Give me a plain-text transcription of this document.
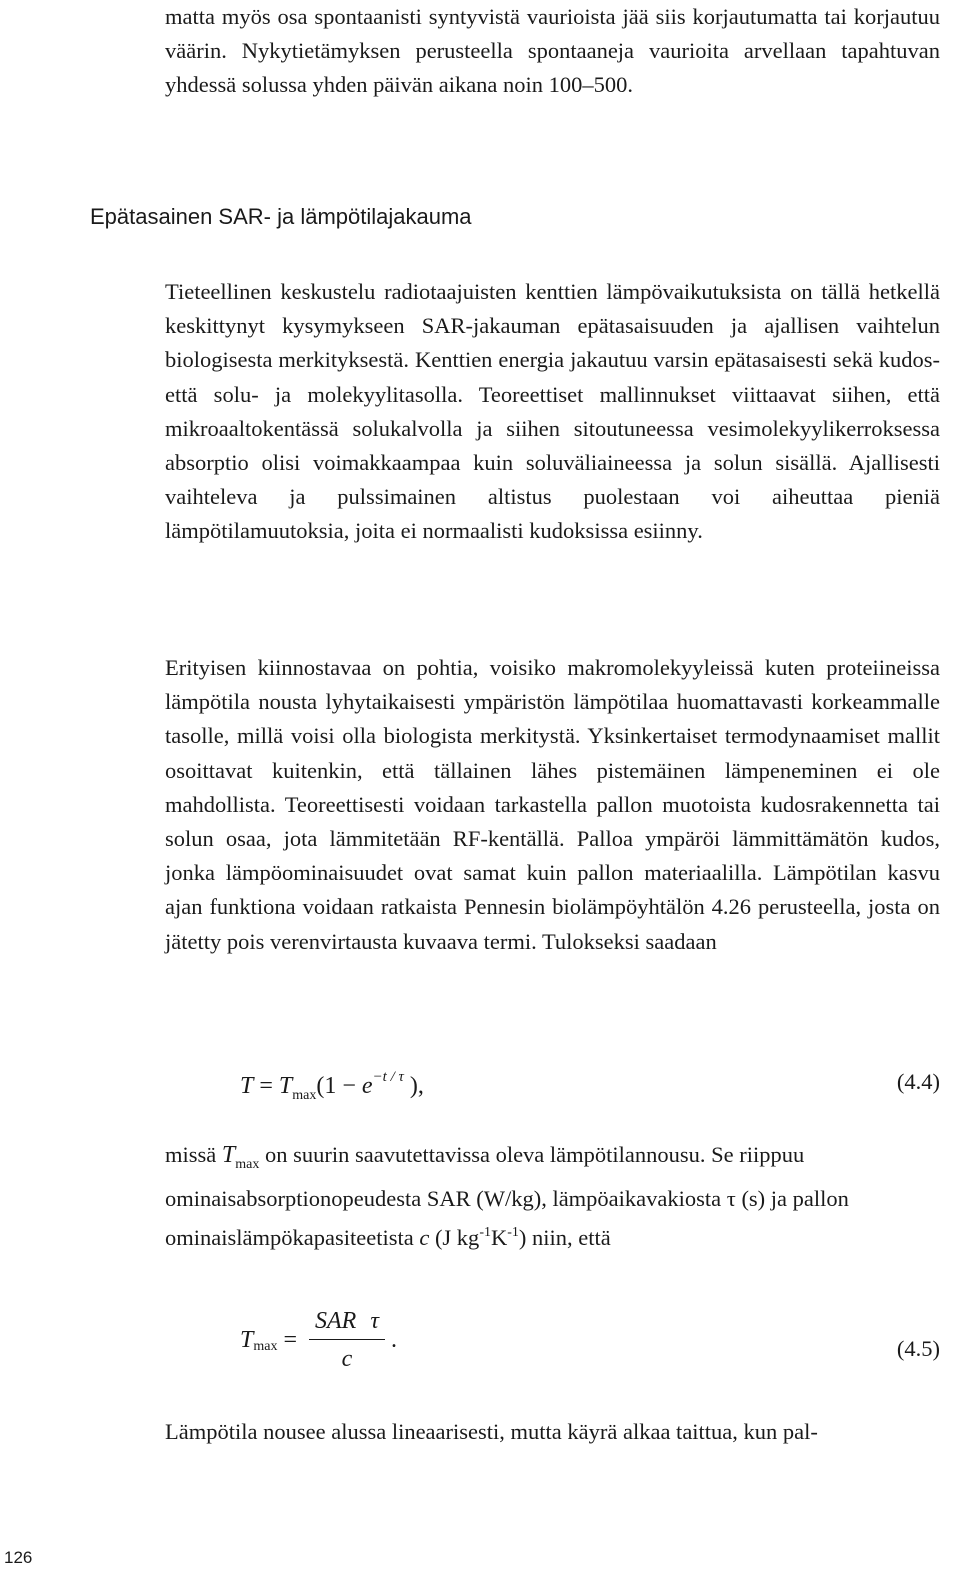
matta myös osa spontaanisti syntyvistä vaurioista jää siis korjautumatta tai korjautuu väärin. Nykytietämyksen perusteella spontaaneja vaurioita arvellaan tapahtuvan yhdessä solussa yhden päivän aikana noin 100–500.

Epätasainen SAR- ja lämpötilajakauma

Tieteellinen keskustelu radiotaajuisten kenttien lämpövaikutuksista on tällä hetkellä keskittynyt kysymykseen SAR-jakauman epätasaisuuden ja ajallisen vaihtelun biologisesta merkityksestä. Kenttien energia jakautuu varsin epätasaisesti sekä kudos- että solu- ja molekyylitasolla. Teoreettiset mallinnukset viittaavat siihen, että mikroaaltokentässä solukalvolla ja siihen sitoutuneessa vesimolekyylikerroksessa absorptio olisi voimakkaampaa kuin soluväliaineessa ja solun sisällä. Ajallisesti vaihteleva ja pulssimainen altistus puolestaan voi aiheuttaa pieniä lämpötilamuutoksia, joita ei normaalisti kudoksissa esiinny.

Erityisen kiinnostavaa on pohtia, voisiko makromolekyyleissä kuten proteiineissa lämpötila nousta lyhytaikaisesti ympäristön lämpötilaa huomattavasti korkeammalle tasolle, millä voisi olla biologista merkitystä. Yksinkertaiset termodynaamiset mallit osoittavat kuitenkin, että tällainen lähes pistemäinen lämpeneminen ei ole mahdollista. Teoreettisesti voidaan tarkastella pallon muotoista kudosrakennetta tai solun osaa, jota lämmitetään RF-kentällä. Palloa ympäröi lämmittämätön kudos, jonka lämpöominaisuudet ovat samat kuin pallon materiaalilla. Lämpötilan kasvu ajan funktiona voidaan ratkaista Pennesin biolämpöyhtälön 4.26 perusteella, josta on jätetty pois verenvirtausta kuvaava termi. Tulokseksi saadaan

$T = T_{max}(1 - e^{-t / \tau}$ ),	(4.4)

missä $T_{max}$ on suurin saavutettavissa oleva lämpötilannousu. Se riippuu ominaisabsorptionopeudesta SAR (W/kg), lämpöaikavakiosta τ (s) ja pallon ominaislämpökapasiteetista c (J $kg^{-1}K^{-1}$) niin, että

$T_{max} = \frac{\text{SAR τ}}{c}$ .	(4.5)

Lämpötila nousee alussa lineaarisesti, mutta käyrä alkaa taittua, kun pal-

126
